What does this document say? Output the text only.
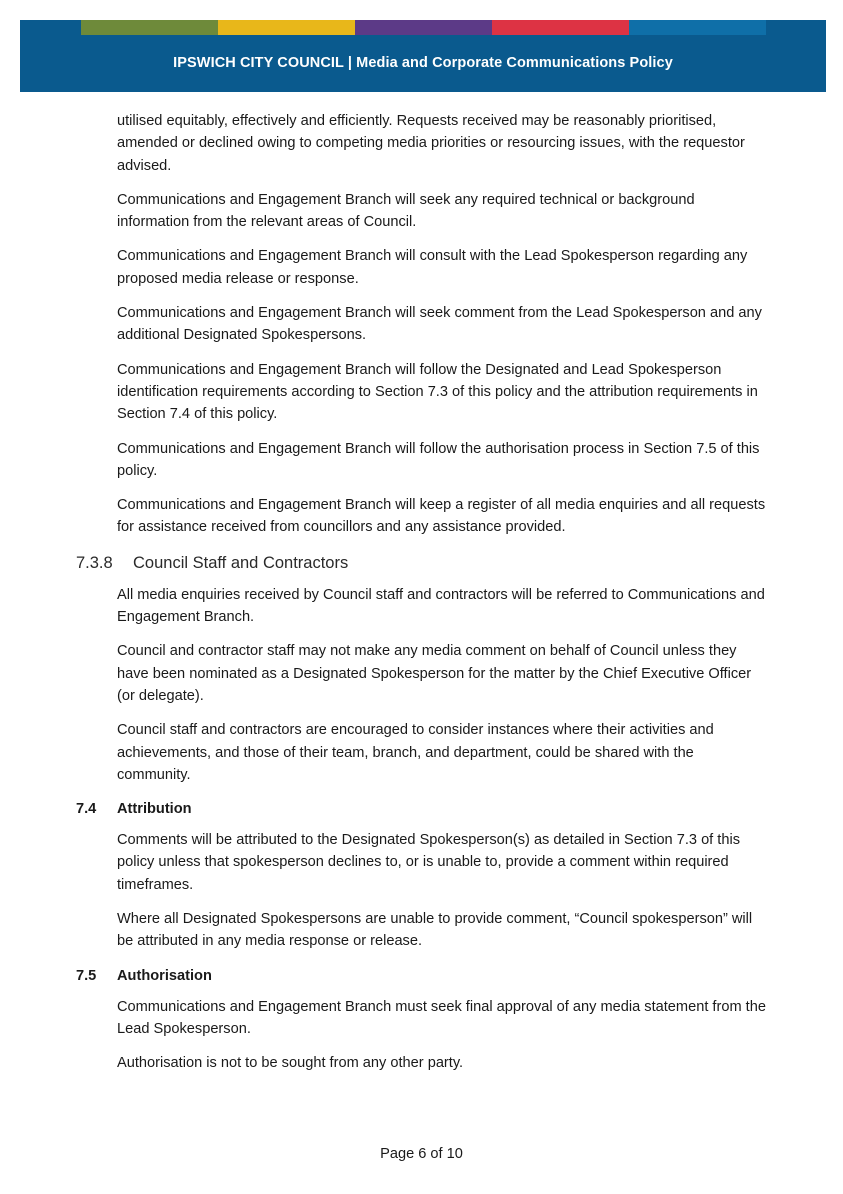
IPSWICH CITY COUNCIL | Media and Corporate Communications Policy

utilised equitably, effectively and efficiently. Requests received may be reasonably prioritised, amended or declined owing to competing media priorities or resourcing issues, with the requestor advised.

Communications and Engagement Branch will seek any required technical or background information from the relevant areas of Council.

Communications and Engagement Branch will consult with the Lead Spokesperson regarding any proposed media release or response.

Communications and Engagement Branch will seek comment from the Lead Spokesperson and any additional Designated Spokespersons.

Communications and Engagement Branch will follow the Designated and Lead Spokesperson identification requirements according to Section 7.3 of this policy and the attribution requirements in Section 7.4 of this policy.

Communications and Engagement Branch will follow the authorisation process in Section 7.5 of this policy.

Communications and Engagement Branch will keep a register of all media enquiries and all requests for assistance received from councillors and any assistance provided.

7.3.8 Council Staff and Contractors

All media enquiries received by Council staff and contractors will be referred to Communications and Engagement Branch.

Council and contractor staff may not make any media comment on behalf of Council unless they have been nominated as a Designated Spokesperson for the matter by the Chief Executive Officer (or delegate).

Council staff and contractors are encouraged to consider instances where their activities and achievements, and those of their team, branch, and department, could be shared with the community.

7.4 Attribution

Comments will be attributed to the Designated Spokesperson(s) as detailed in Section 7.3 of this policy unless that spokesperson declines to, or is unable to, provide a comment within required timeframes.

Where all Designated Spokespersons are unable to provide comment, “Council spokesperson” will be attributed in any media response or release.

7.5 Authorisation

Communications and Engagement Branch must seek final approval of any media statement from the Lead Spokesperson.

Authorisation is not to be sought from any other party.

Page 6 of 10
